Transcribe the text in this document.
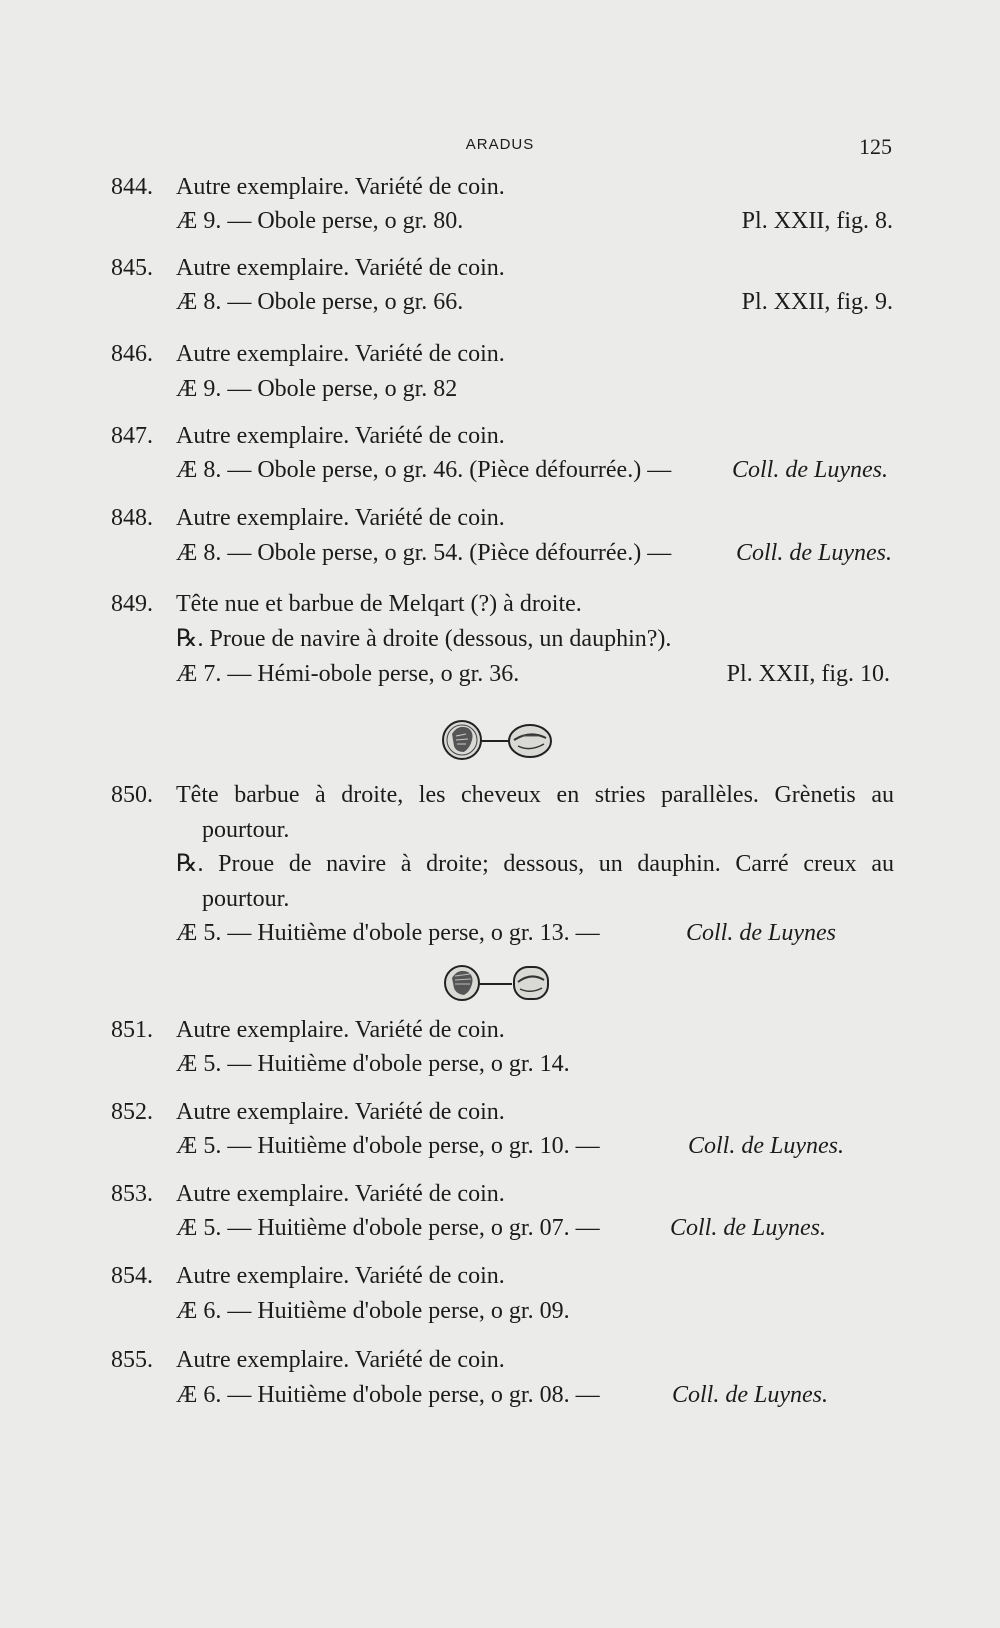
ARADUS	125
844. Autre exemplaire. Variété de coin.
Æ 9. — Obole perse, o gr. 80.	Pl. XXII, fig. 8.
845. Autre exemplaire. Variété de coin.
Æ 8. — Obole perse, o gr. 66.	Pl. XXII, fig. 9.
846. Autre exemplaire. Variété de coin.
Æ 9. — Obole perse, o gr. 82
847. Autre exemplaire. Variété de coin.
Æ 8. — Obole perse, o gr. 46. (Pièce défourrée.) —	Coll. de Luynes.
848. Autre exemplaire. Variété de coin.
Æ 8. — Obole perse, o gr. 54. (Pièce défourrée.) —	Coll. de Luynes.
849. Tête nue et barbue de Melqart (?) à droite.
℞. Proue de navire à droite (dessous, un dauphin?).
Æ 7. — Hémi-obole perse, o gr. 36.	Pl. XXII, fig. 10.
850. Tête barbue à droite, les cheveux en stries parallèles. Grènetis au
pourtour.
℞. Proue de navire à droite; dessous, un dauphin. Carré creux au
pourtour.
Æ 5. — Huitième d'obole perse, o gr. 13. —	Coll. de Luynes
851. Autre exemplaire. Variété de coin.
Æ 5. — Huitième d'obole perse, o gr. 14.
852. Autre exemplaire. Variété de coin.
Æ 5. — Huitième d'obole perse, o gr. 10. —	Coll. de Luynes.
853. Autre exemplaire. Variété de coin.
Æ 5. — Huitième d'obole perse, o gr. 07. —	Coll. de Luynes.
854. Autre exemplaire. Variété de coin.
Æ 6. — Huitième d'obole perse, o gr. 09.
855. Autre exemplaire. Variété de coin.
Æ 6. — Huitième d'obole perse, o gr. 08. —	Coll. de Luynes.
